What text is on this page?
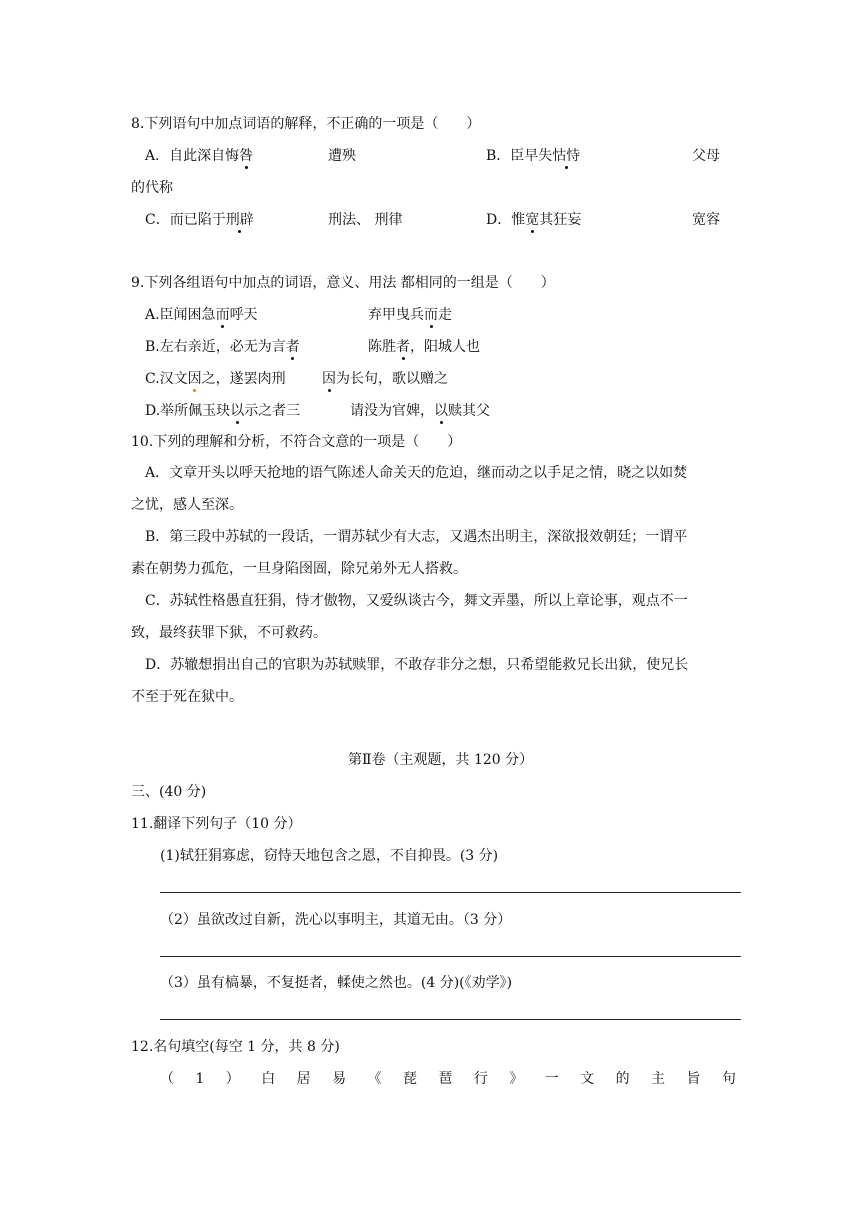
8.下列语句中加点词语的解释，不正确的一项是（　　）
A．自此深自悔咎	遭殃	B．臣早失怙恃	父母
的代称
C．而已陷于刑辟	刑法、 刑律	D．惟宽其狂妄	宽容
9.下列各组语句中加点的词语，意义、用法 都相同的一组是（　　）
A.臣闻困急而呼天	弃甲曳兵而走
B.左右亲近，必无为言者	陈胜者，阳城人也
C.汉文因之，遂罢肉刑	因为长句，歌以赠之
D.举所佩玉玦以示之者三	请没为官婢，以赎其父
10.下列的理解和分析，不符合文意的一项是（　　）
A．文章开头以呼天抢地的语气陈述人命关天的危迫，继而动之以手足之情，晓之以如焚
之忧，感人至深。
B．第三段中苏轼的一段话，一谓苏轼少有大志，又遇杰出明主，深欲报效朝廷；一谓平
素在朝势力孤危，一旦身陷囹圄，除兄弟外无人搭救。
C．苏轼性格愚直狂狷，恃才傲物，又爱纵谈古今，舞文弄墨，所以上章论事，观点不一
致，最终获罪下狱，不可救药。
D．苏辙想捐出自己的官职为苏轼赎罪，不敢存非分之想，只希望能救兄长出狱，使兄长
不至于死在狱中。
第Ⅱ卷（主观题，共 120 分）
三、(40 分)
11.翻译下列句子（10 分）
(1)轼狂狷寡虑，窃恃天地包含之恩，不自抑畏。(3 分)
（2）虽欲改过自新，洗心以事明主，其道无由。（3 分）
（3）虽有槁暴，不复挺者，輮使之然也。(4 分)(《劝学》)
12.名句填空(每空 1 分，共 8 分)
（ 1 ） 白 居 易 《 琵 琶 行 》 一 文 的 主 旨 句
